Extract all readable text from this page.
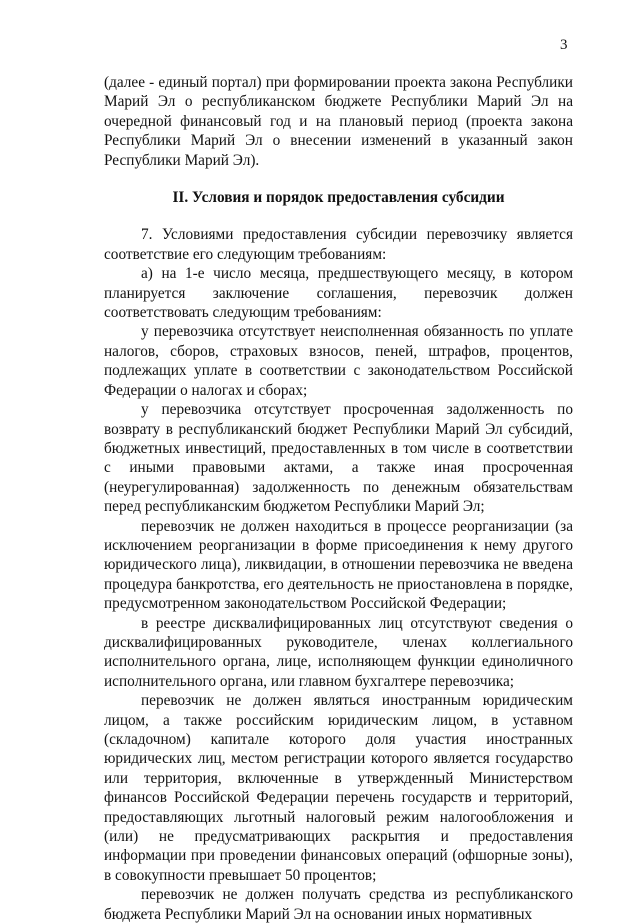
3

(далее - единый портал) при формировании проекта закона Республики Марий Эл о республиканском бюджете Республики Марий Эл на очередной финансовый год и на плановый период (проекта закона Республики Марий Эл о внесении изменений в указанный закон Республики Марий Эл).

II. Условия и порядок предоставления субсидии

7. Условиями предоставления субсидии перевозчику является соответствие его следующим требованиям:

а) на 1-е число месяца, предшествующего месяцу, в котором планируется заключение соглашения, перевозчик должен соответствовать следующим требованиям:

у перевозчика отсутствует неисполненная обязанность по уплате налогов, сборов, страховых взносов, пеней, штрафов, процентов, подлежащих уплате в соответствии с законодательством Российской Федерации о налогах и сборах;

у перевозчика отсутствует просроченная задолженность по возврату в республиканский бюджет Республики Марий Эл субсидий, бюджетных инвестиций, предоставленных в том числе в соответствии с иными правовыми актами, а также иная просроченная (неурегулированная) задолженность по денежным обязательствам перед республиканским бюджетом Республики Марий Эл;

перевозчик не должен находиться в процессе реорганизации (за исключением реорганизации в форме присоединения к нему другого юридического лица), ликвидации, в отношении перевозчика не введена процедура банкротства, его деятельность не приостановлена в порядке, предусмотренном законодательством Российской Федерации;

в реестре дисквалифицированных лиц отсутствуют сведения о дисквалифицированных руководителе, членах коллегиального исполнительного органа, лице, исполняющем функции единоличного исполнительного органа, или главном бухгалтере перевозчика;

перевозчик не должен являться иностранным юридическим лицом, а также российским юридическим лицом, в уставном (складочном) капитале которого доля участия иностранных юридических лиц, местом регистрации которого является государство или территория, включенные в утвержденный Министерством финансов Российской Федерации перечень государств и территорий, предоставляющих льготный налоговый режим налогообложения и (или) не предусматривающих раскрытия и предоставления информации при проведении финансовых операций (офшорные зоны), в совокупности превышает 50 процентов;

перевозчик не должен получать средства из республиканского бюджета Республики Марий Эл на основании иных нормативных
